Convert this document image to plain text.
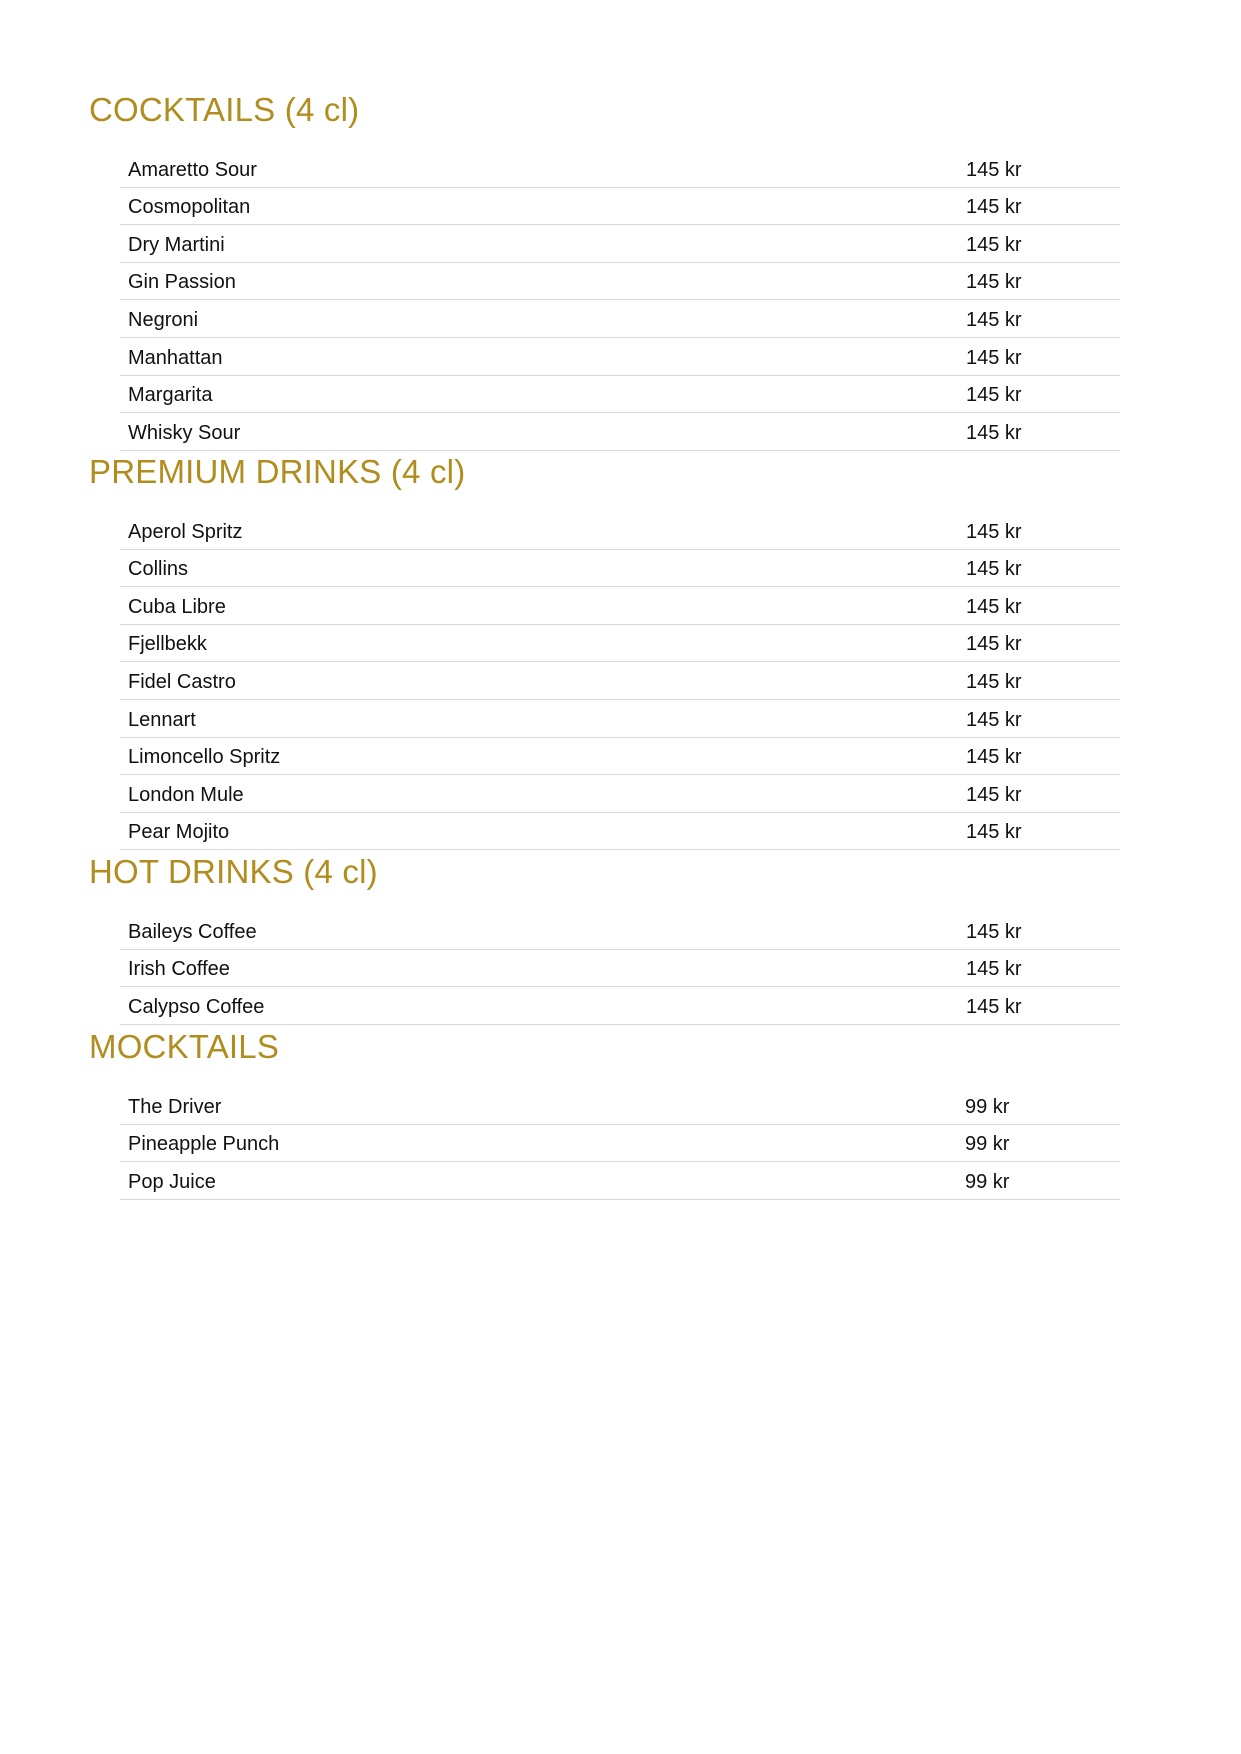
COCKTAILS (4 cl)
Amaretto Sour	145 kr
Cosmopolitan	145 kr
Dry Martini	145 kr
Gin Passion	145 kr
Negroni	145 kr
Manhattan	145 kr
Margarita	145 kr
Whisky Sour	145 kr
PREMIUM DRINKS (4 cl)
Aperol Spritz	145 kr
Collins	145 kr
Cuba Libre	145 kr
Fjellbekk	145 kr
Fidel Castro	145 kr
Lennart	145 kr
Limoncello Spritz	145 kr
London Mule	145 kr
Pear Mojito	145 kr
HOT DRINKS (4 cl)
Baileys Coffee	145 kr
Irish Coffee	145 kr
Calypso Coffee	145 kr
MOCKTAILS
The Driver	99 kr
Pineapple Punch	99 kr
Pop Juice	99 kr
